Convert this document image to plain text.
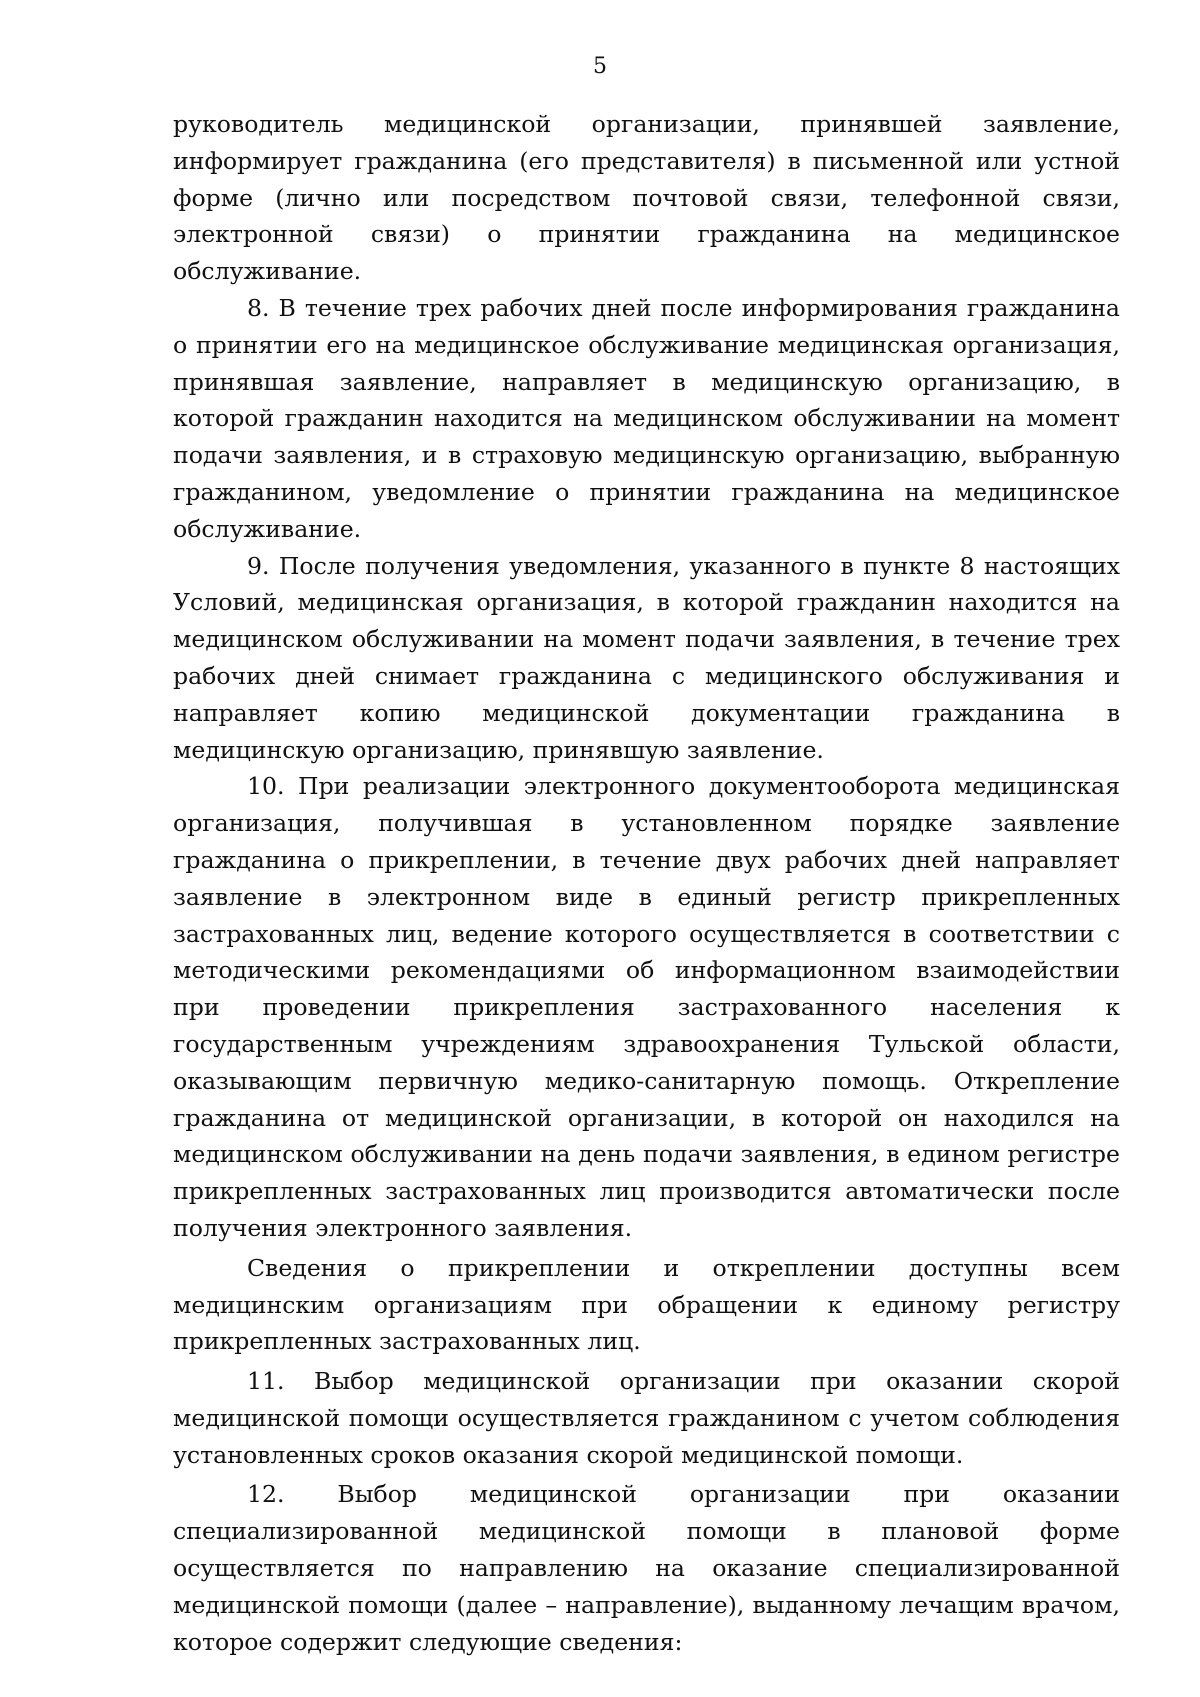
5

руководитель медицинской организации, принявшей заявление, информирует гражданина (его представителя) в письменной или устной форме (лично или посредством почтовой связи, телефонной связи, электронной связи) о принятии гражданина на медицинское обслуживание.

8. В течение трех рабочих дней после информирования гражданина о принятии его на медицинское обслуживание медицинская организация, принявшая заявление, направляет в медицинскую организацию, в которой гражданин находится на медицинском обслуживании на момент подачи заявления, и в страховую медицинскую организацию, выбранную гражданином, уведомление о принятии гражданина на медицинское обслуживание.

9. После получения уведомления, указанного в пункте 8 настоящих Условий, медицинская организация, в которой гражданин находится на медицинском обслуживании на момент подачи заявления, в течение трех рабочих дней снимает гражданина с медицинского обслуживания и направляет копию медицинской документации гражданина в медицинскую организацию, принявшую заявление.

10. При реализации электронного документооборота медицинская организация, получившая в установленном порядке заявление гражданина о прикреплении, в течение двух рабочих дней направляет заявление в электронном виде в единый регистр прикрепленных застрахованных лиц, ведение которого осуществляется в соответствии с методическими рекомендациями об информационном взаимодействии при проведении прикрепления застрахованного населения к государственным учреждениям здравоохранения Тульской области, оказывающим первичную медико-санитарную помощь. Открепление гражданина от медицинской организации, в которой он находился на медицинском обслуживании на день подачи заявления, в едином регистре прикрепленных застрахованных лиц производится автоматически после получения электронного заявления.

Сведения о прикреплении и откреплении доступны всем медицинским организациям при обращении к единому регистру прикрепленных застрахованных лиц.

11. Выбор медицинской организации при оказании скорой медицинской помощи осуществляется гражданином с учетом соблюдения установленных сроков оказания скорой медицинской помощи.

12. Выбор медицинской организации при оказании специализированной медицинской помощи в плановой форме осуществляется по направлению на оказание специализированной медицинской помощи (далее – направление), выданному лечащим врачом, которое содержит следующие сведения:
